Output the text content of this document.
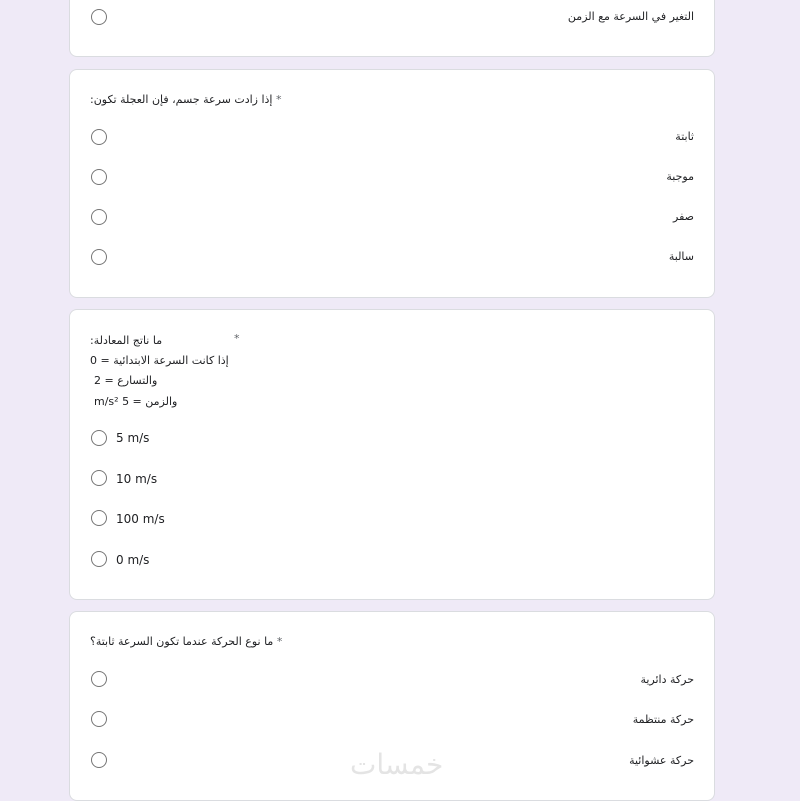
التغير في السرعة مع الزمن
إذا زادت سرعة جسم، فإن العجلة تكون: *
ثابتة
موجبة
صفر
سالبة
*
ما ناتج المعادلة:
إذا كانت السرعة الابتدائية = 0
والتسارع = 2
والزمن = 5 m/s²
5 m/s
10 m/s
100 m/s
0 m/s
ما نوع الحركة عندما تكون السرعة ثابتة؟ *
حركة دائرية
حركة منتظمة
حركة عشوائية
خمسات
